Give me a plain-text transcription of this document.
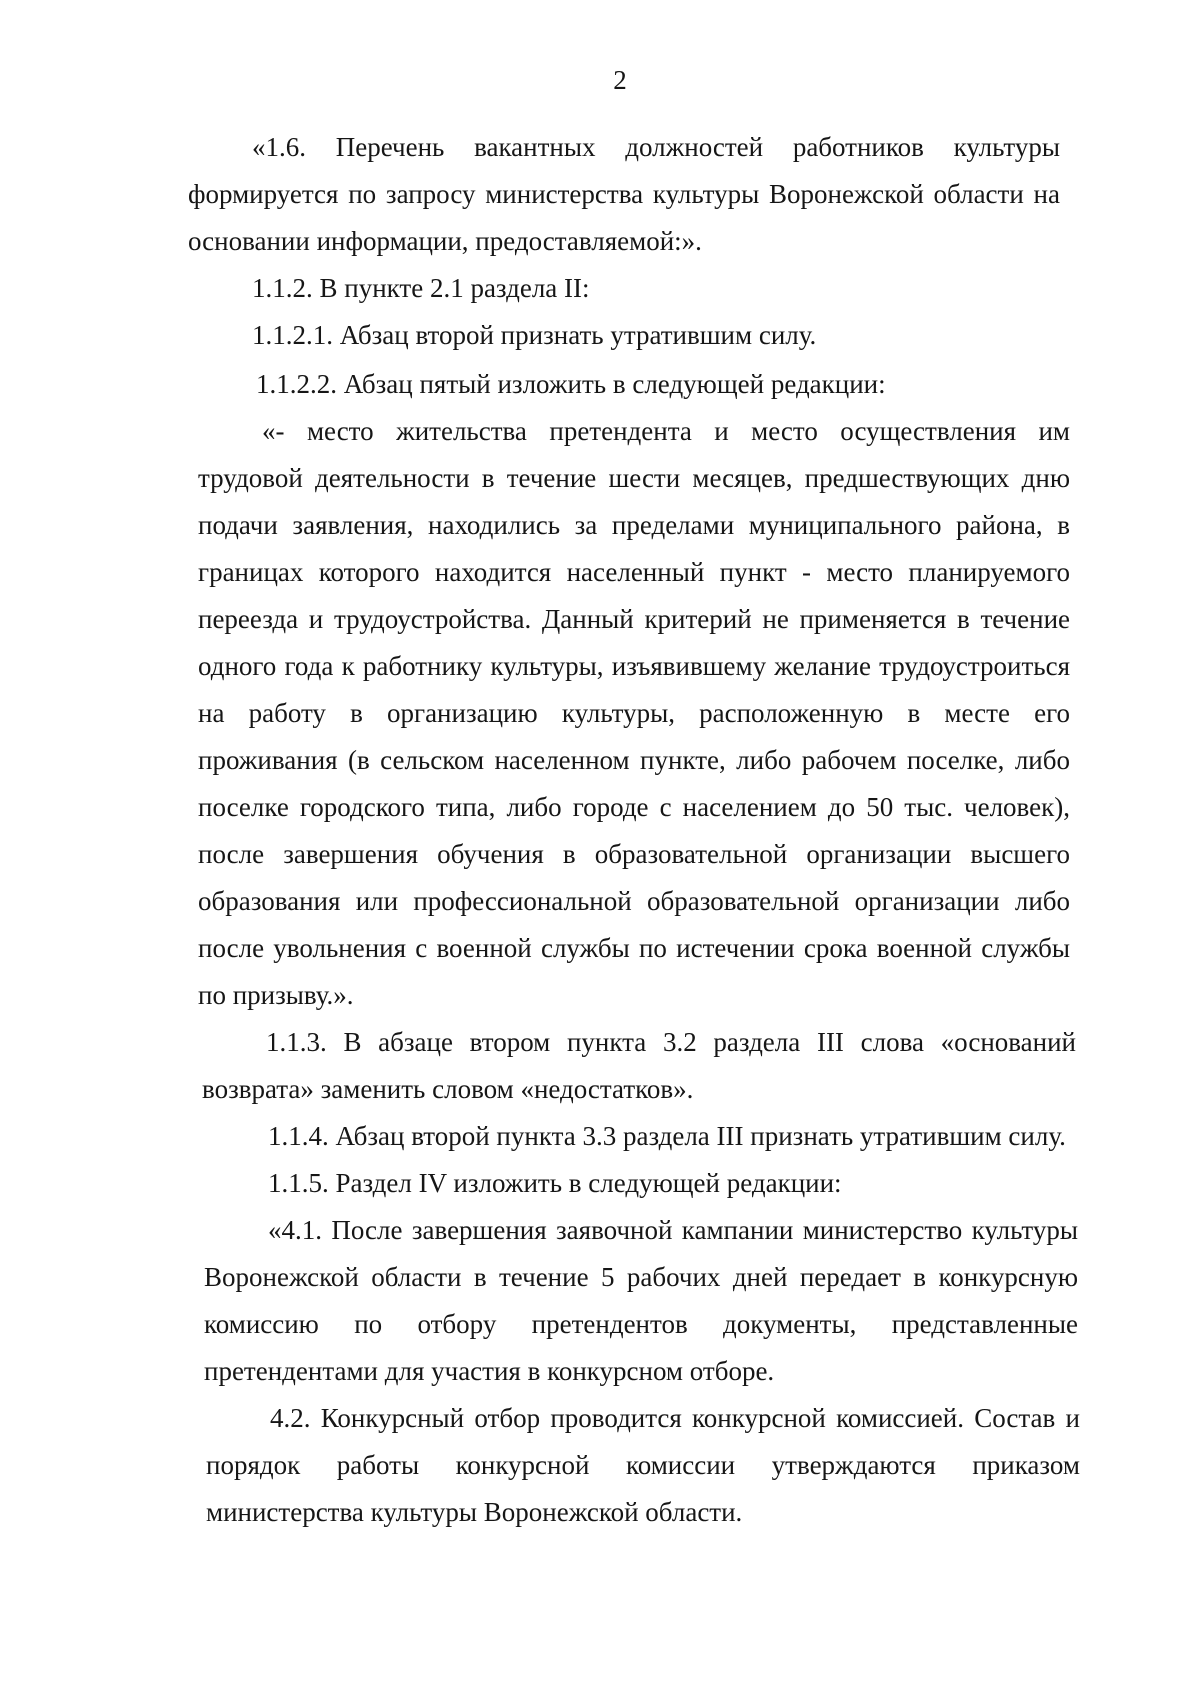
2

«1.6. Перечень вакантных должностей работников культуры формируется по запросу министерства культуры Воронежской области на основании информации, предоставляемой:».

1.1.2. В пункте 2.1 раздела II:

1.1.2.1. Абзац второй признать утратившим силу.

1.1.2.2. Абзац пятый изложить в следующей редакции:

«- место жительства претендента и место осуществления им трудовой деятельности в течение шести месяцев, предшествующих дню подачи заявления, находились за пределами муниципального района, в границах которого находится населенный пункт - место планируемого переезда и трудоустройства. Данный критерий не применяется в течение одного года к работнику культуры, изъявившему желание трудоустроиться на работу в организацию культуры, расположенную в месте его проживания (в сельском населенном пункте, либо рабочем поселке, либо поселке городского типа, либо городе с населением до 50 тыс. человек), после завершения обучения в образовательной организации высшего образования или профессиональной образовательной организации либо после увольнения с военной службы по истечении срока военной службы по призыву.».

1.1.3. В абзаце втором пункта 3.2 раздела III слова «оснований возврата» заменить словом «недостатков».

1.1.4. Абзац второй пункта 3.3 раздела III признать утратившим силу.

1.1.5. Раздел IV изложить в следующей редакции:

«4.1. После завершения заявочной кампании министерство культуры Воронежской области в течение 5 рабочих дней передает в конкурсную комиссию по отбору претендентов документы, представленные претендентами для участия в конкурсном отборе.

4.2. Конкурсный отбор проводится конкурсной комиссией. Состав и порядок работы конкурсной комиссии утверждаются приказом министерства культуры Воронежской области.
